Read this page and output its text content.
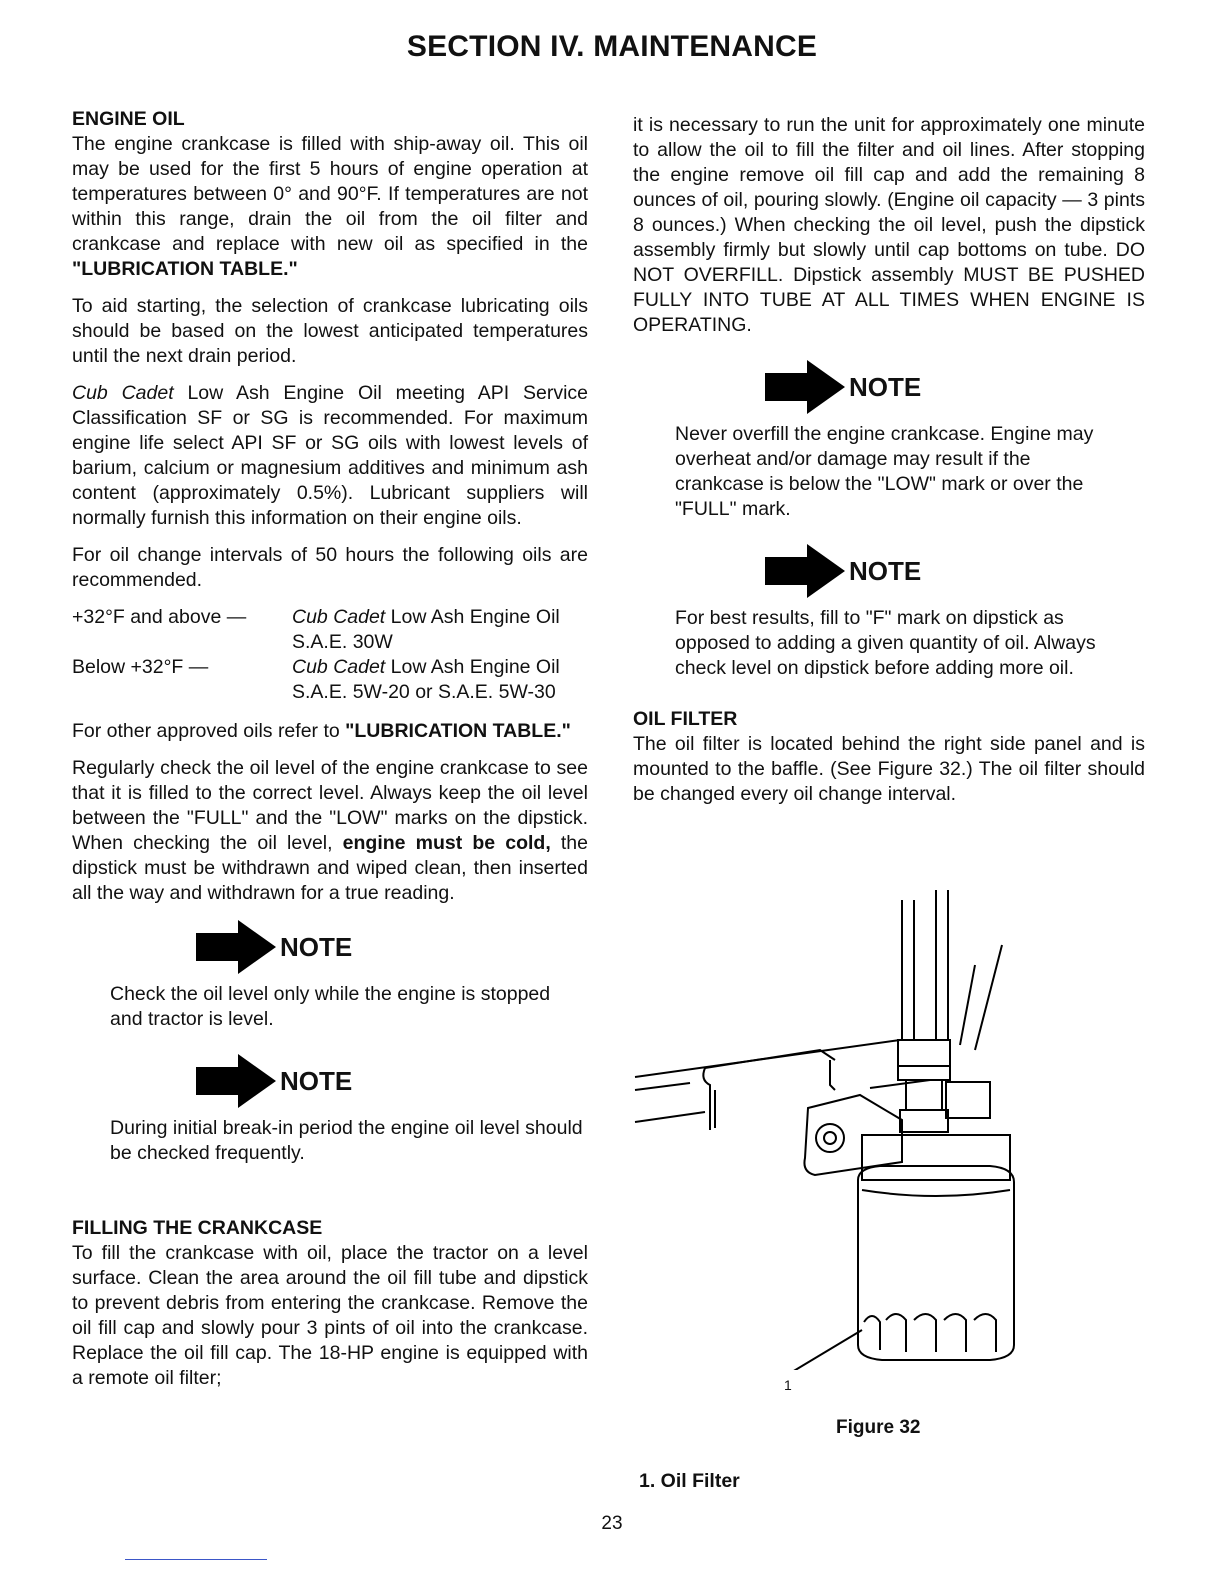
SECTION IV. MAINTENANCE
ENGINE OIL

The engine crankcase is filled with ship-away oil. This oil may be used for the first 5 hours of engine operation at temperatures between 0° and 90°F. If temperatures are not within this range, drain the oil from the oil filter and crankcase and replace with new oil as specified in the "LUBRICATION TABLE."

To aid starting, the selection of crankcase lubricating oils should be based on the lowest anticipated temperatures until the next drain period.

Cub Cadet Low Ash Engine Oil meeting API Service Classification SF or SG is recommended. For maximum engine life select API SF or SG oils with lowest levels of barium, calcium or magnesium additives and minimum ash content (approximately 0.5%). Lubricant suppliers will normally furnish this information on their engine oils.

For oil change intervals of 50 hours the following oils are recommended.

+32°F and above —	Cub Cadet Low Ash Engine Oil
S.A.E. 30W
Below +32°F —	Cub Cadet Low Ash Engine Oil
S.A.E. 5W-20 or S.A.E. 5W-30

For other approved oils refer to "LUBRICATION TABLE."

Regularly check the oil level of the engine crankcase to see that it is filled to the correct level. Always keep the oil level between the "FULL" and the "LOW" marks on the dipstick. When checking the oil level, engine must be cold, the dipstick must be withdrawn and wiped clean, then inserted all the way and withdrawn for a true reading.

NOTE
Check the oil level only while the engine is stopped and tractor is level.
NOTE
During initial break-in period the engine oil level should be checked frequently.
FILLING THE CRANKCASE
To fill the crankcase with oil, place the tractor on a level surface. Clean the area around the oil fill tube and dipstick to prevent debris from entering the crankcase. Remove the oil fill cap and slowly pour 3 pints of oil into the crankcase. Replace the oil fill cap. The 18-HP engine is equipped with a remote oil filter;

it is necessary to run the unit for approximately one minute to allow the oil to fill the filter and oil lines. After stopping the engine remove oil fill cap and add the remaining 8 ounces of oil, pouring slowly. (Engine oil capacity — 3 pints 8 ounces.) When checking the oil level, push the dipstick assembly firmly but slowly until cap bottoms on tube. DO NOT OVERFILL. Dipstick assembly MUST BE PUSHED FULLY INTO TUBE AT ALL TIMES WHEN ENGINE IS OPERATING.

NOTE
Never overfill the engine crankcase. Engine may overheat and/or damage may result if the crankcase is below the "LOW" mark or over the "FULL" mark.
NOTE
For best results, fill to "F" mark on dipstick as opposed to adding a given quantity of oil. Always check level on dipstick before adding more oil.
OIL FILTER
The oil filter is located behind the right side panel and is mounted to the baffle. (See Figure 32.) The oil filter should be changed every oil change interval.
1
Figure 32
1. Oil Filter
23
